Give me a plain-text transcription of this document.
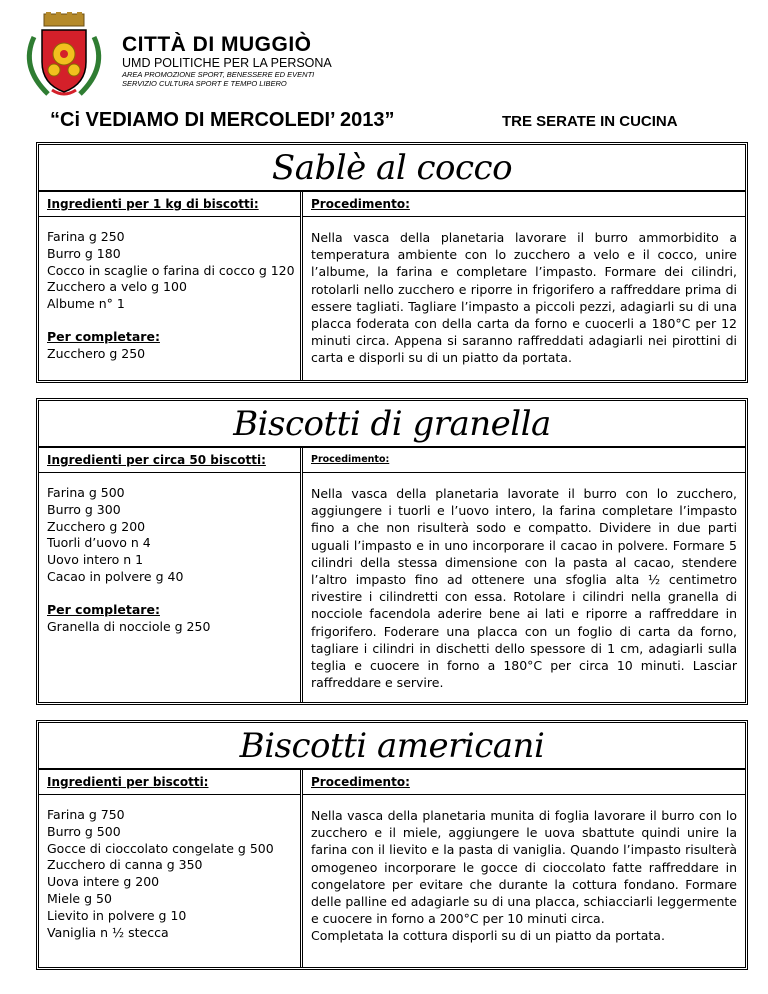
CITTÀ DI MUGGIÒ
UMD POLITICHE PER LA PERSONA
AREA PROMOZIONE SPORT, BENESSERE ED EVENTI
SERVIZIO CULTURA SPORT E TEMPO LIBERO
“Ci VEDIAMO DI MERCOLEDI’ 2013”	TRE SERATE IN CUCINA
Sablè al cocco
Ingredienti per 1 kg di biscotti:
Farina g 250
Burro g 180
Cocco in scaglie o farina di cocco g 120
Zucchero a velo g 100
Albume n° 1
Per completare:
Zucchero g 250
Procedimento:

Nella vasca della planetaria lavorare il burro ammorbidito a temperatura ambiente con lo zucchero a velo e il cocco, unire l’albume, la farina e completare l’impasto. Formare dei cilindri, rotolarli nello zucchero e riporre in frigorifero a raffreddare prima di essere tagliati. Tagliare l’impasto a piccoli pezzi, adagiarli su di una placca foderata con della carta da forno e cuocerli a 180°C per 12 minuti circa. Appena si saranno raffreddati adagiarli nei pirottini di carta e disporli su di un piatto da portata.

Biscotti di granella
Ingredienti per circa 50 biscotti:
Farina g 500
Burro g 300
Zucchero g 200
Tuorli d’uovo n 4
Uovo intero n 1
Cacao in polvere g 40
Per completare:
Granella di nocciole g 250
Procedimento:

Nella vasca della planetaria lavorate il burro con lo zucchero, aggiungere i tuorli e l’uovo intero, la farina completare l’impasto fino a che non risulterà sodo e compatto. Dividere in due parti uguali l’impasto e in uno incorporare il cacao in polvere. Formare 5 cilindri della stessa dimensione con la pasta al cacao, stendere l’altro impasto fino ad ottenere una sfoglia alta ½ centimetro rivestire i cilindretti con essa. Rotolare i cilindri nella granella di nocciole facendola aderire bene ai lati e riporre a raffreddare in frigorifero. Foderare una placca con un foglio di carta da forno, tagliare i cilindri in dischetti dello spessore di 1 cm, adagiarli sulla teglia e cuocere in forno a 180°C per circa 10 minuti. Lasciar raffreddare e servire.

Biscotti americani
Ingredienti per biscotti:
Farina g 750
Burro g 500
Gocce di cioccolato congelate g 500
Zucchero di canna g 350
Uova intere g 200
Miele g 50
Lievito in polvere g 10
Vaniglia n ½ stecca
Procedimento:

Nella vasca della planetaria munita di foglia lavorare il burro con lo zucchero e il miele, aggiungere le uova sbattute quindi unire la farina con il lievito e la pasta di vaniglia. Quando l’impasto risulterà omogeneo incorporare le gocce di cioccolato fatte raffreddare in congelatore per evitare che durante la cottura fondano. Formare delle palline ed adagiarle su di una placca, schiacciarli leggermente e cuocere in forno a 200°C per 10 minuti circa.

Completata la cottura disporli su di un piatto da portata.
